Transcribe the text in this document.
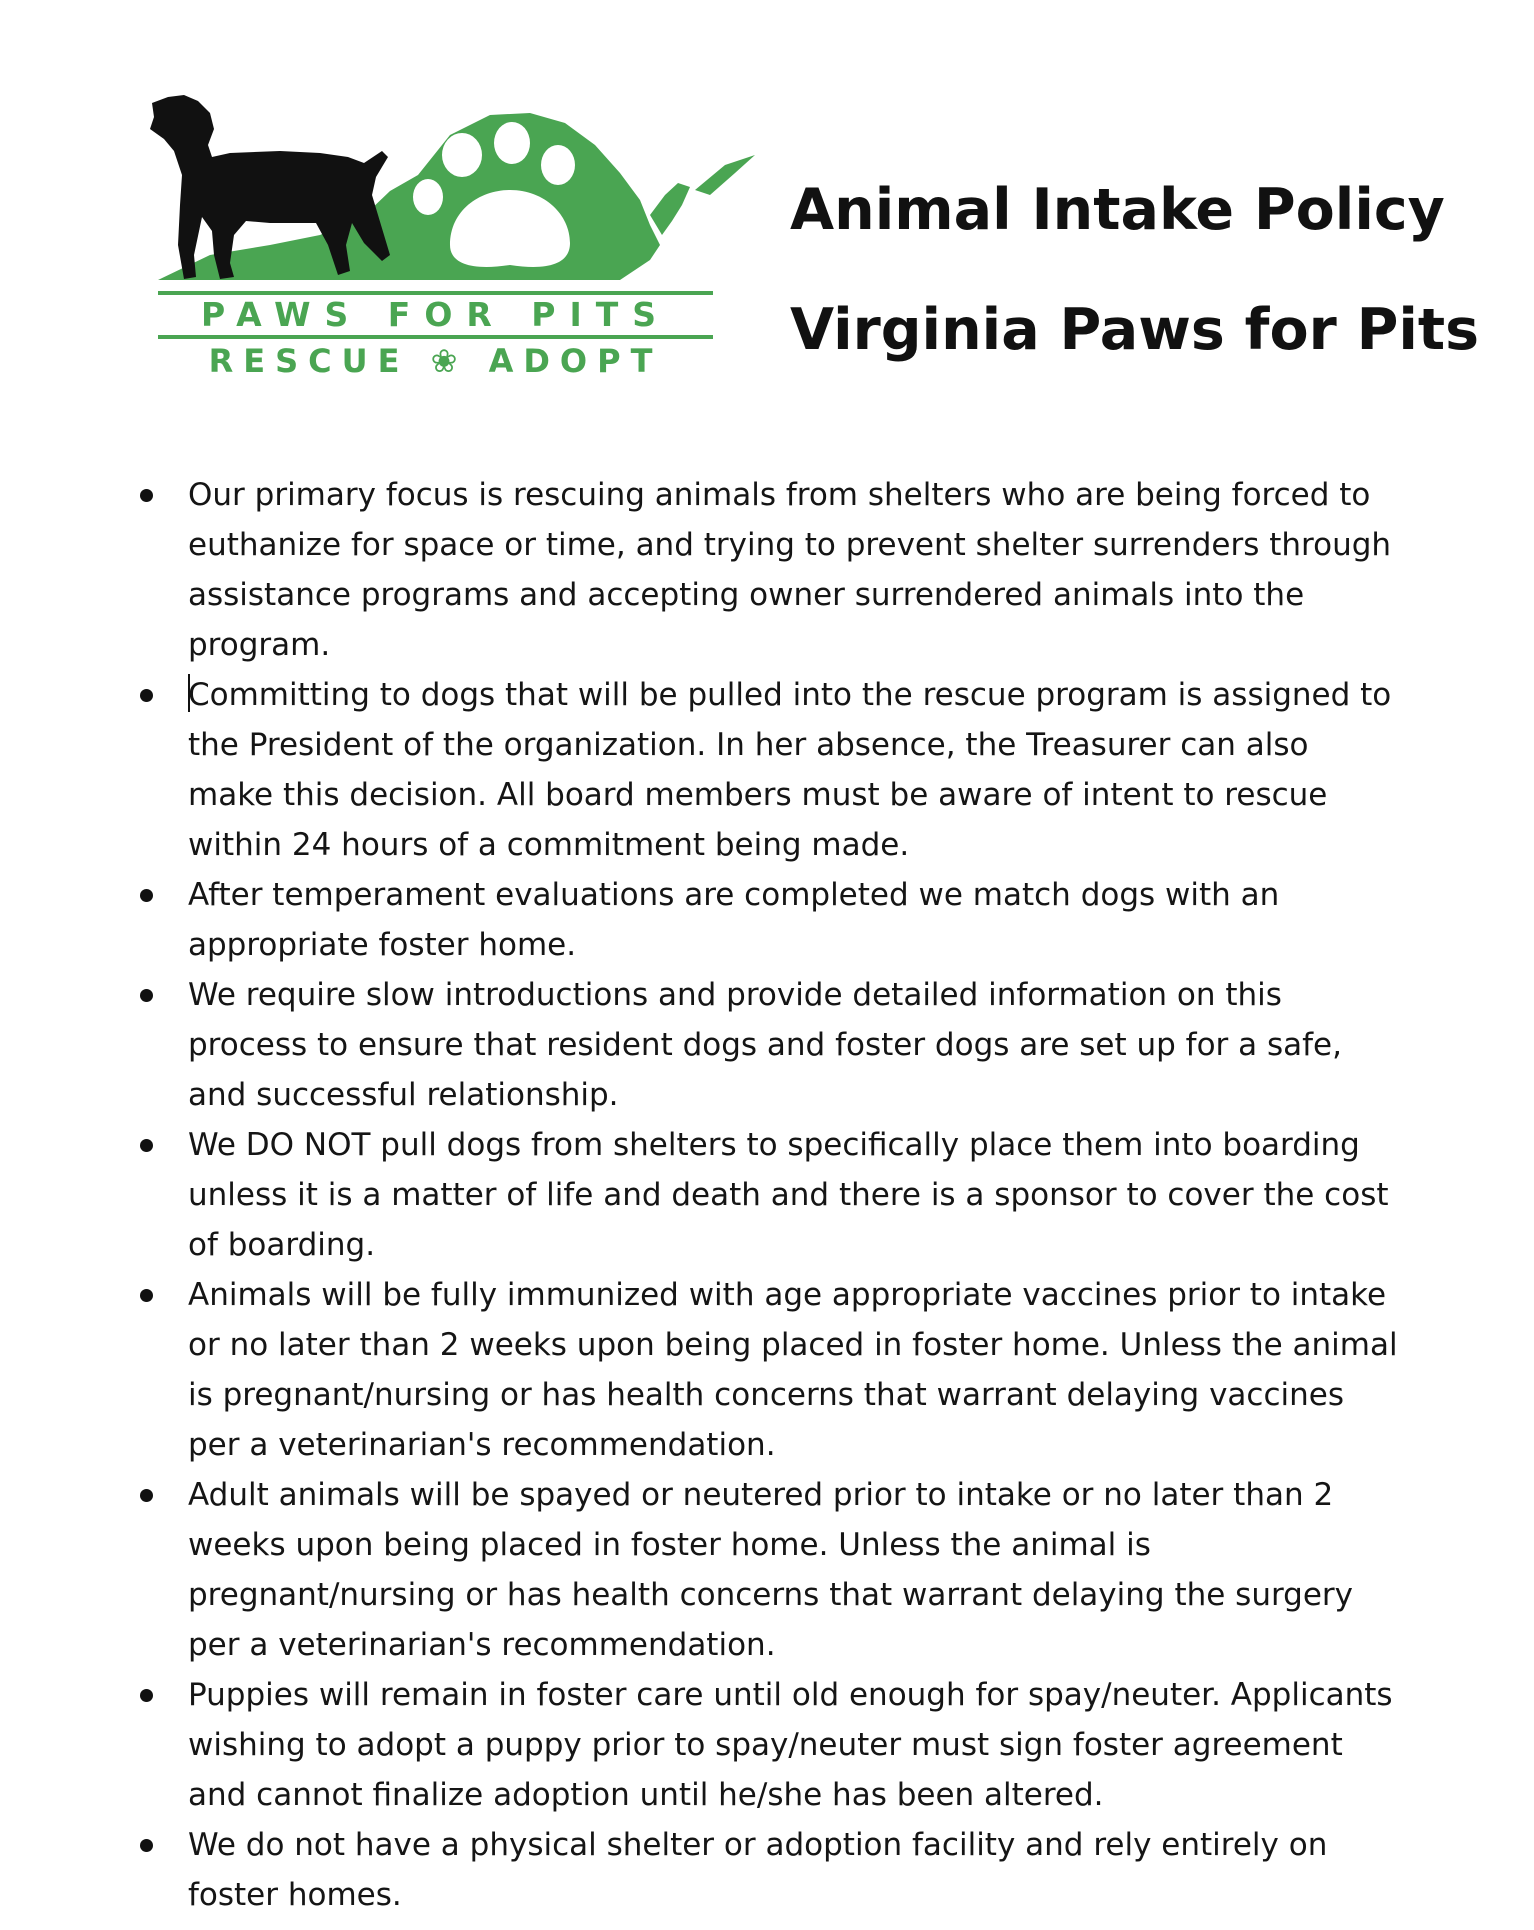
PAWS FOR PITS
RESCUE ❀ ADOPT
Animal Intake Policy
Virginia Paws for Pits
Our primary focus is rescuing animals from shelters who are being forced to euthanize for space or time, and trying to prevent shelter surrenders through assistance programs and accepting owner surrendered animals into the program.
Committing to dogs that will be pulled into the rescue program is assigned to the President of the organization. In her absence, the Treasurer can also make this decision. All board members must be aware of intent to rescue within 24 hours of a commitment being made.
After temperament evaluations are completed we match dogs with an appropriate foster home.
We require slow introductions and provide detailed information on this process to ensure that resident dogs and foster dogs are set up for a safe, and successful relationship.
We DO NOT pull dogs from shelters to specifically place them into boarding unless it is a matter of life and death and there is a sponsor to cover the cost of boarding.
Animals will be fully immunized with age appropriate vaccines prior to intake or no later than 2 weeks upon being placed in foster home. Unless the animal is pregnant/nursing or has health concerns that warrant delaying vaccines per a veterinarian's recommendation.
Adult animals will be spayed or neutered prior to intake or no later than 2 weeks upon being placed in foster home. Unless the animal is pregnant/nursing or has health concerns that warrant delaying the surgery per a veterinarian's recommendation.
Puppies will remain in foster care until old enough for spay/neuter. Applicants wishing to adopt a puppy prior to spay/neuter must sign foster agreement and cannot finalize adoption until he/she has been altered.
We do not have a physical shelter or adoption facility and rely entirely on foster homes.
